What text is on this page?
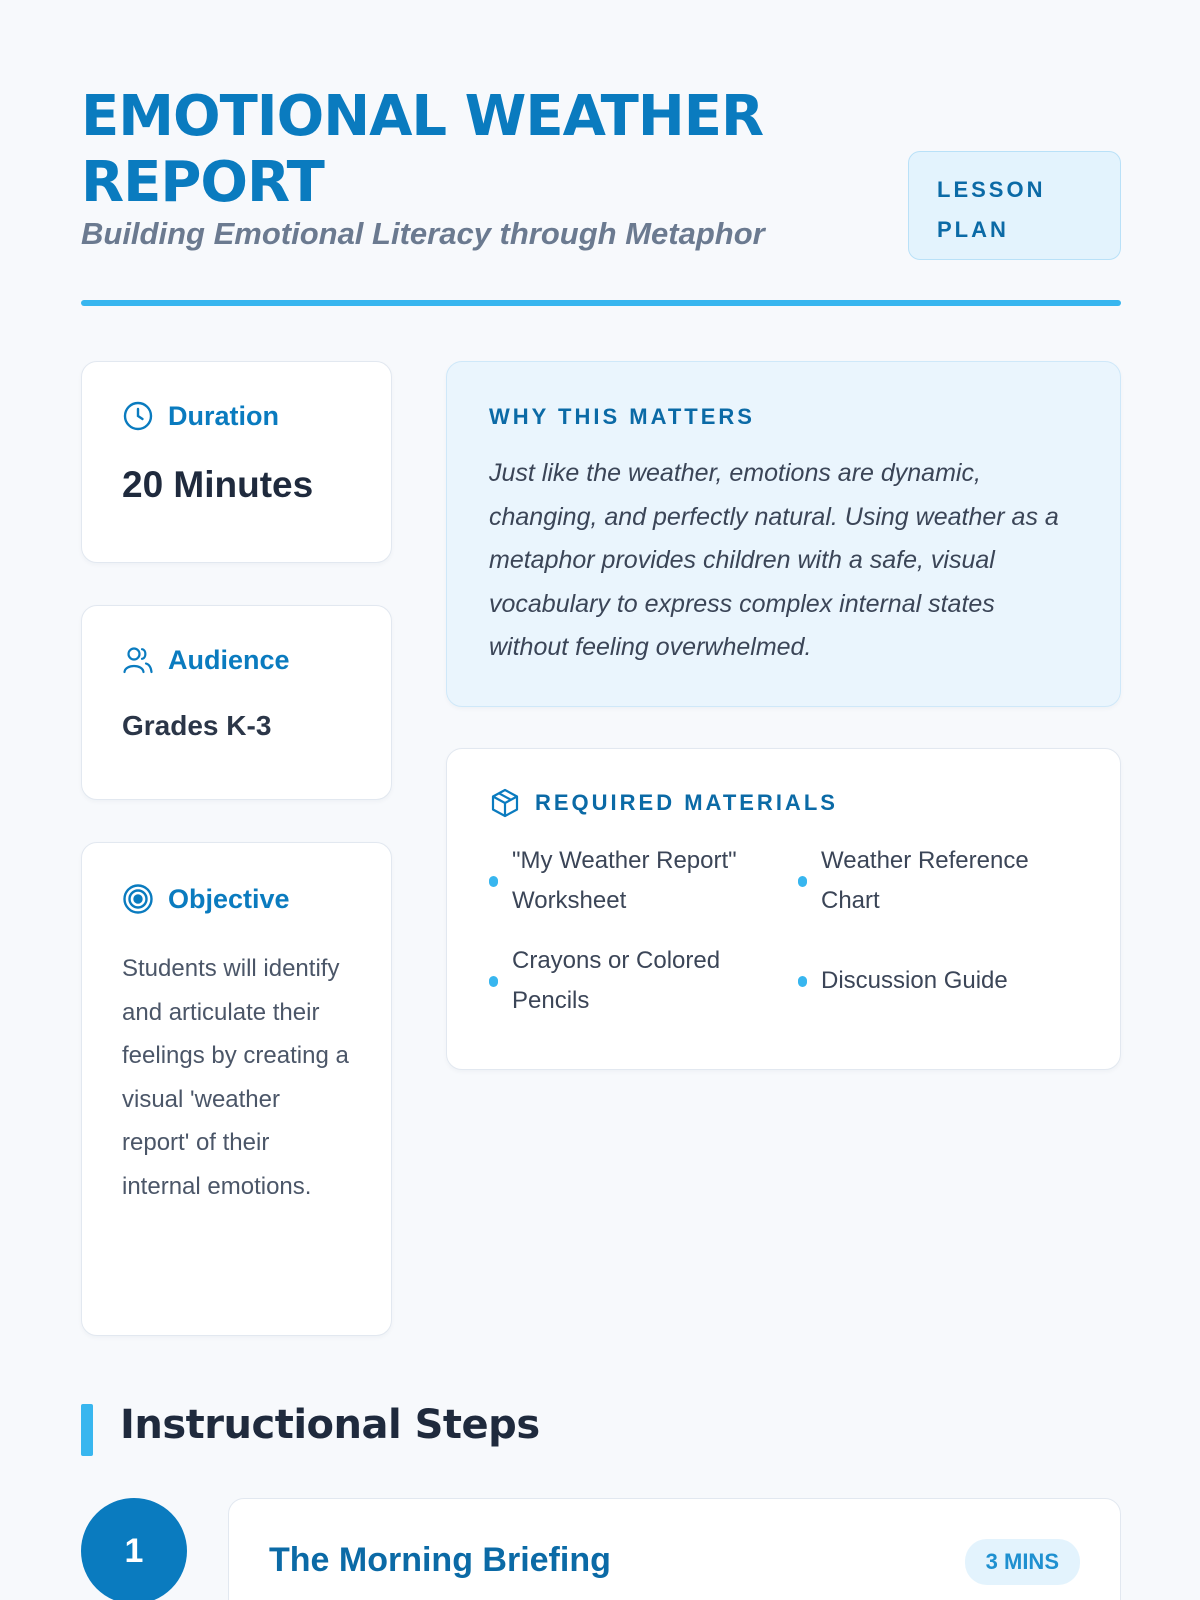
EMOTIONAL WEATHER REPORT
Building Emotional Literacy through Metaphor
LESSON PLAN
Duration
20 Minutes
Audience
Grades K-3
Objective

Students will identify and articulate their feelings by creating a visual 'weather report' of their internal emotions.

WHY THIS MATTERS

Just like the weather, emotions are dynamic, changing, and perfectly natural. Using weather as a metaphor provides children with a safe, visual vocabulary to express complex internal states without feeling overwhelmed.

REQUIRED MATERIALS
"My Weather Report" Worksheet
Weather Reference Chart
Crayons or Colored Pencils
Discussion Guide
Instructional Steps
1	The Morning Briefing	3 MINS
